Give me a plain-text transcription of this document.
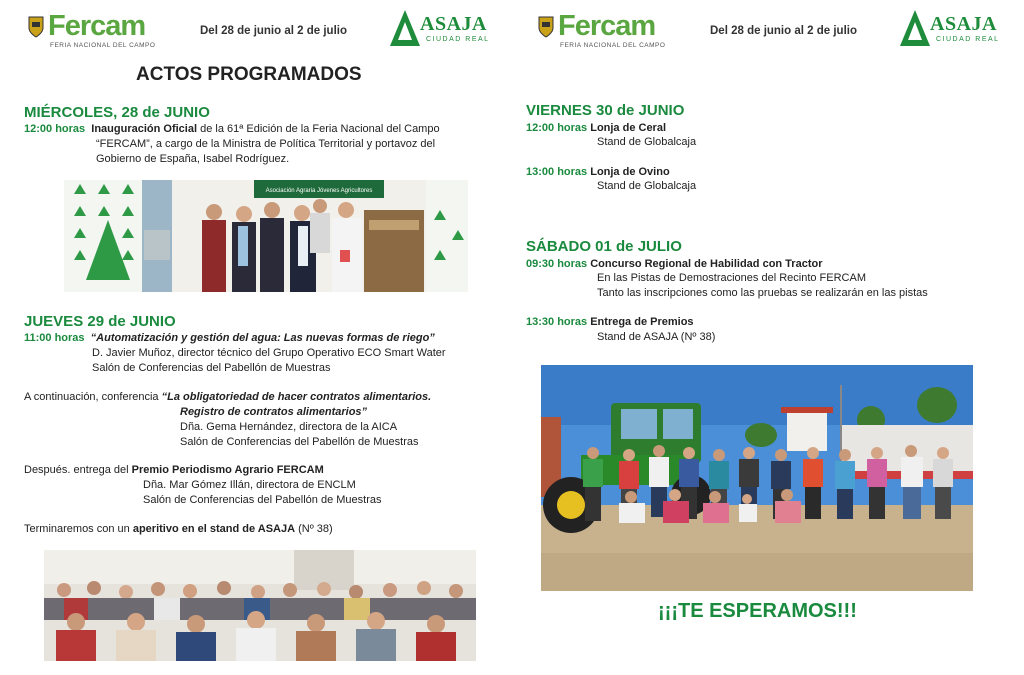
Fercam
FERIA NACIONAL DEL CAMPO
Del 28 de junio al 2 de julio	ASAJA
CIUDAD REAL
ACTOS PROGRAMADOS
MIÉRCOLES, 28 de JUNIO
12:00 horas Inauguración Oficial de la 61ª Edición de la Feria Nacional del Campo
“FERCAM”, a cargo de la Ministra de Política Territorial y portavoz del
Gobierno de España, Isabel Rodríguez.
Asociación Agraria Jóvenes Agricultores
JUEVES 29 de JUNIO
11:00 horas “Automatización y gestión del agua: Las nuevas formas de riego”
D. Javier Muñoz, director técnico del Grupo Operativo ECO Smart Water
Salón de Conferencias del Pabellón de Muestras
A continuación, conferencia “La obligatoriedad de hacer contratos alimentarios.
Registro de contratos alimentarios”
Dña. Gema Hernández, directora de la AICA
Salón de Conferencias del Pabellón de Muestras
Después. entrega del Premio Periodismo Agrario FERCAM
Dña. Mar Gómez Illán, directora de ENCLM
Salón de Conferencias del Pabellón de Muestras
Terminaremos con un aperitivo en el stand de ASAJA (Nº 38)
Fercam
FERIA NACIONAL DEL CAMPO
Del 28 de junio al 2 de julio	ASAJA
CIUDAD REAL
VIERNES 30 de JUNIO
12:00 horas Lonja de Ceral
Stand de Globalcaja
13:00 horas Lonja de Ovino
Stand de Globalcaja
SÁBADO 01 de JULIO
09:30 horas Concurso Regional de Habilidad con Tractor
En las Pistas de Demostraciones del Recinto FERCAM
Tanto las inscripciones como las pruebas se realizarán en las pistas
13:30 horas Entrega de Premios
Stand de ASAJA (Nº 38)
¡¡¡TE ESPERAMOS!!!
